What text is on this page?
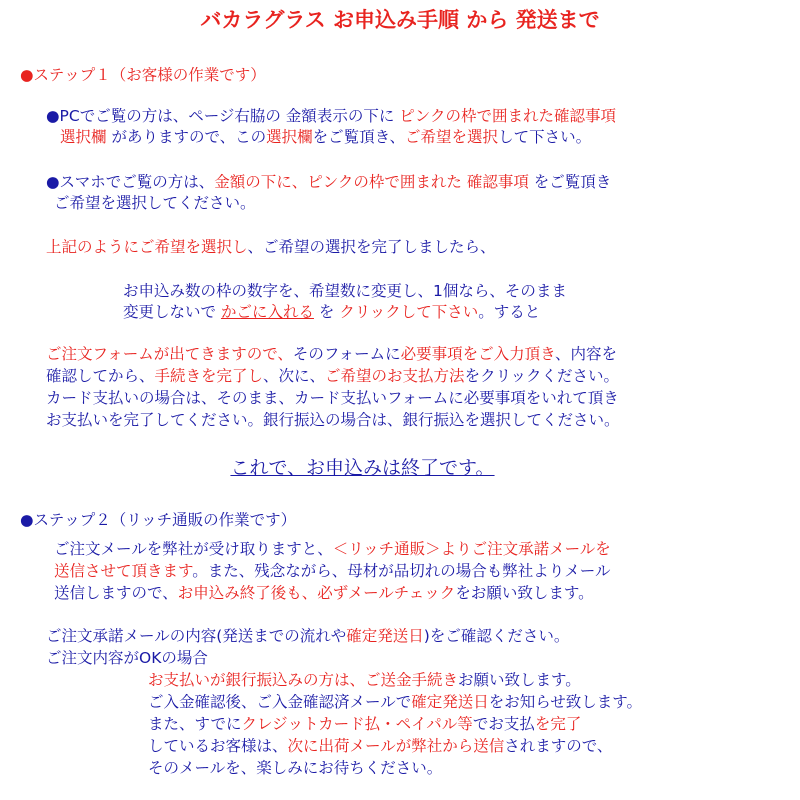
バカラグラス お申込み手順 から 発送まで

●ステップ１（お客様の作業です）

●PCでご覧の方は、ページ右脇の 金額表示の下に ピンクの枠で囲まれた確認事項

選択欄 がありますので、この選択欄をご覧頂き、ご希望を選択して下さい。

●スマホでご覧の方は、金額の下に、ピンクの枠で囲まれた 確認事項 をご覧頂き

ご希望を選択してください。

上記のようにご希望を選択し、ご希望の選択を完了しましたら、

お申込み数の枠の数字を、希望数に変更し、1個なら、そのまま

変更しないで かごに入れる を クリックして下さい。すると

ご注文フォームが出てきますので、そのフォームに必要事項をご入力頂き、内容を

確認してから、手続きを完了し、次に、ご希望のお支払方法をクリックください。

カード支払いの場合は、そのまま、カード支払いフォームに必要事項をいれて頂き

お支払いを完了してください。銀行振込の場合は、銀行振込を選択してください。

これで、お申込みは終了です。

●ステップ２（リッチ通販の作業です）

ご注文メールを弊社が受け取りますと、＜リッチ通販＞よりご注文承諾メールを

送信させて頂きます。また、残念ながら、母材が品切れの場合も弊社よりメール

送信しますので、お申込み終了後も、必ずメールチェックをお願い致します。

ご注文承諾メールの内容(発送までの流れや確定発送日)をご確認ください。

ご注文内容がOKの場合

お支払いが銀行振込みの方は、ご送金手続きお願い致します。

ご入金確認後、ご入金確認済メールで確定発送日をお知らせ致します。

また、すでにクレジットカード払・ペイパル等でお支払を完了

しているお客様は、次に出荷メールが弊社から送信されますので、

そのメールを、楽しみにお待ちください。
